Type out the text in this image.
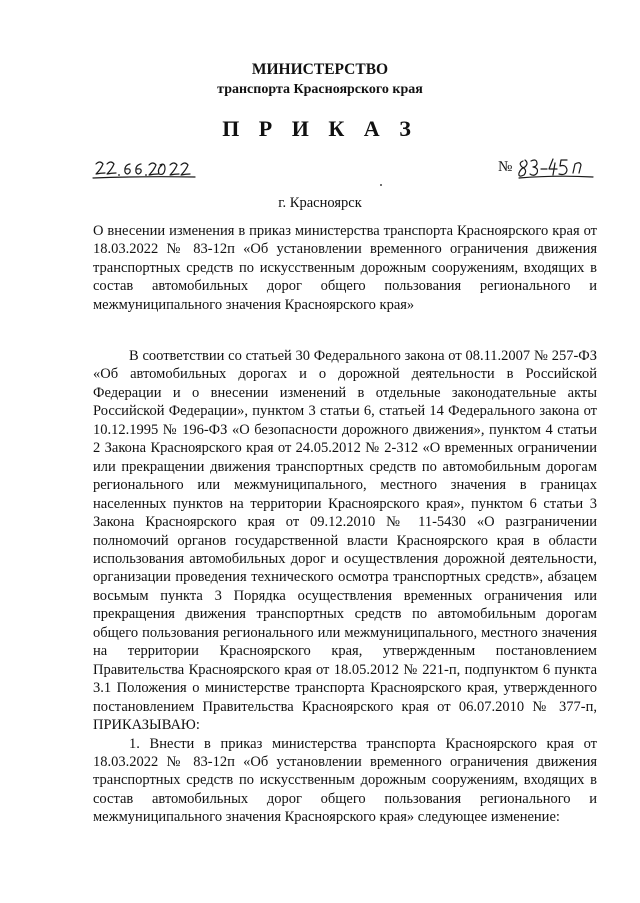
МИНИСТЕРСТВО
транспорта Красноярского края
П Р И К А З
№
г. Красноярск
О внесении изменения в приказ министерства транспорта Красноярского края от 18.03.2022 № 83-12п «Об установлении временного ограничения движения транспортных средств по искусственным дорожным сооружениям, входящих в состав автомобильных дорог общего пользования регионального и межмуниципального значения Красноярского края»

В соответствии со статьей 30 Федерального закона от 08.11.2007 № 257-ФЗ «Об автомобильных дорогах и о дорожной деятельности в Российской Федерации и о внесении изменений в отдельные законодательные акты Российской Федерации», пунктом 3 статьи 6, статьей 14 Федерального закона от 10.12.1995 № 196-ФЗ «О безопасности дорожного движения», пунктом 4 статьи 2 Закона Красноярского края от 24.05.2012 № 2-312 «О временных ограничении или прекращении движения транспортных средств по автомобильным дорогам регионального или межмуниципального, местного значения в границах населенных пунктов на территории Красноярского края», пунктом 6 статьи 3 Закона Красноярского края от 09.12.2010 № 11-5430 «О разграничении полномочий органов государственной власти Красноярского края в области использования автомобильных дорог и осуществления дорожной деятельности, организации проведения технического осмотра транспортных средств», абзацем восьмым пункта 3 Порядка осуществления временных ограничения или прекращения движения транспортных средств по автомобильным дорогам общего пользования регионального или межмуниципального, местного значения на территории Красноярского края, утвержденным постановлением Правительства Красноярского края от 18.05.2012 № 221-п, подпунктом 6 пункта 3.1 Положения о министерстве транспорта Красноярского края, утвержденного постановлением Правительства Красноярского края от 06.07.2010 № 377-п, ПРИКАЗЫВАЮ:

1. Внести в приказ министерства транспорта Красноярского края от 18.03.2022 № 83-12п «Об установлении временного ограничения движения транспортных средств по искусственным дорожным сооружениям, входящих в состав автомобильных дорог общего пользования регионального и межмуниципального значения Красноярского края» следующее изменение:
